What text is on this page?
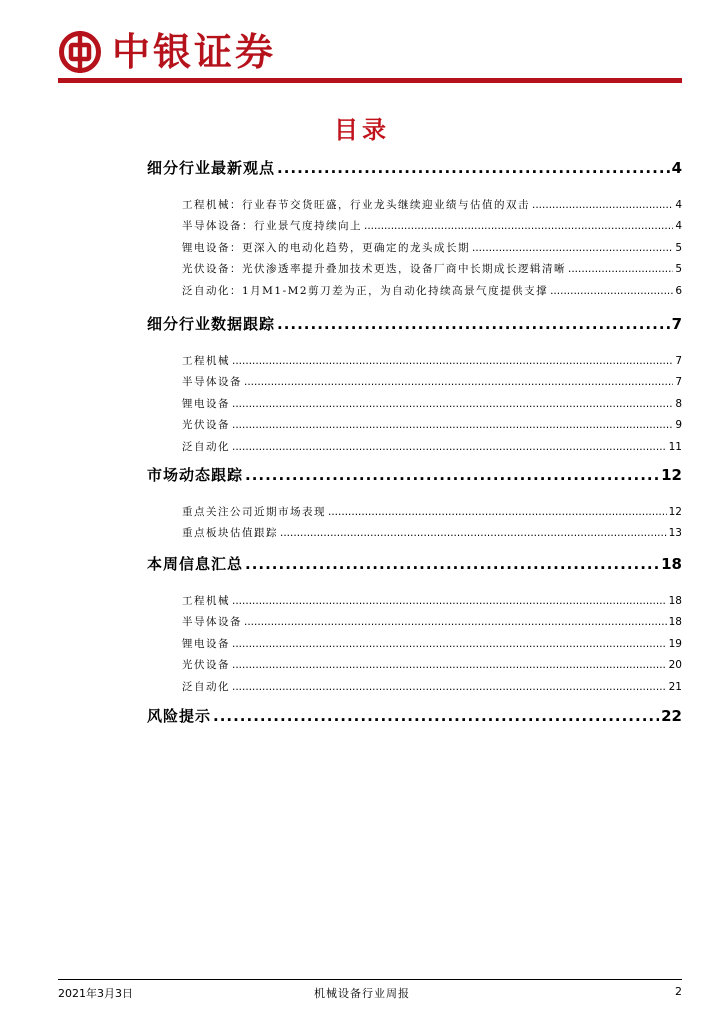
中银证券
目录
细分行业最新观点 .....	4
工程机械：行业春节交货旺盛，行业龙头继续迎业绩与估值的双击 .....	4
半导体设备：行业景气度持续向上 .....	4
锂电设备：更深入的电动化趋势，更确定的龙头成长期 .....	5
光伏设备：光伏渗透率提升叠加技术更迭，设备厂商中长期成长逻辑清晰 .....	5
泛自动化：1月M1-M2剪刀差为正，为自动化持续高景气度提供支撑 .....	6
细分行业数据跟踪 .....	7
工程机械 .....	7
半导体设备 .....	7
锂电设备 .....	8
光伏设备 .....	9
泛自动化 .....	11
市场动态跟踪 .....	12
重点关注公司近期市场表现 .....	12
重点板块估值跟踪 .....	13
本周信息汇总 .....	18
工程机械 .....	18
半导体设备 .....	18
锂电设备 .....	19
光伏设备 .....	20
泛自动化 .....	21
风险提示 .....	22
2021年3月3日	机械设备行业周报	2
